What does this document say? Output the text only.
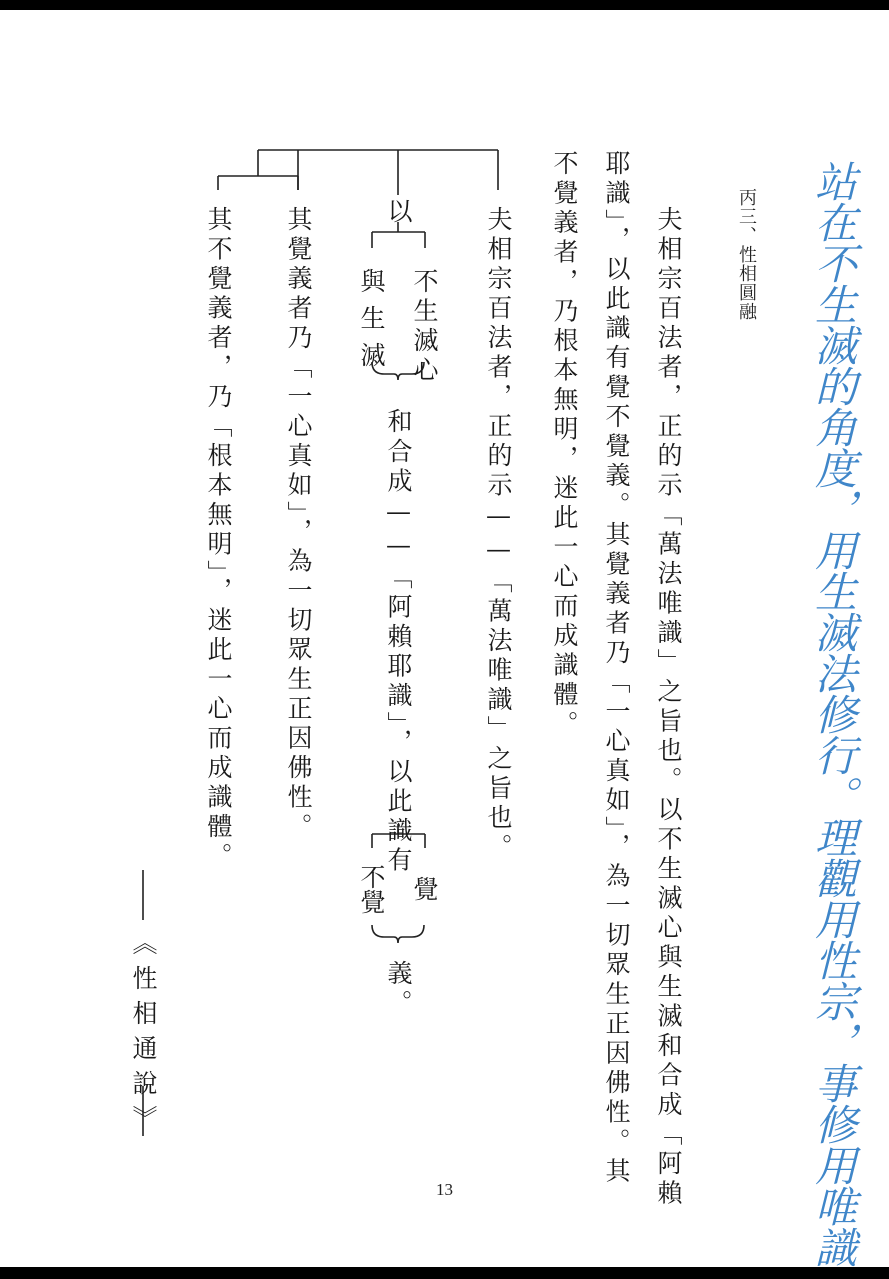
站在不生滅的角度，用生滅法修行。理觀用性宗，事修用唯識
丙三、性相圓融
夫相宗百法者，正的示「萬法唯識」之旨也。以不生滅心與生滅和合成「阿賴
耶識」，以此識有覺不覺義。其覺義者乃「一心真如」，為一切眾生正因佛性。其
不覺義者，乃根本無明，迷此一心而成識體。
夫相宗百法者，正的示——「萬法唯識」之旨也。
以
不生滅心
與生滅
和
合成——「阿賴耶識」，以此識有
覺
不覺
義。
其覺義者乃「一心真如」，為一切眾生正因佛性。
其不覺義者，乃「根本無明」，迷此一心而成識體。
《性相通說》
13
